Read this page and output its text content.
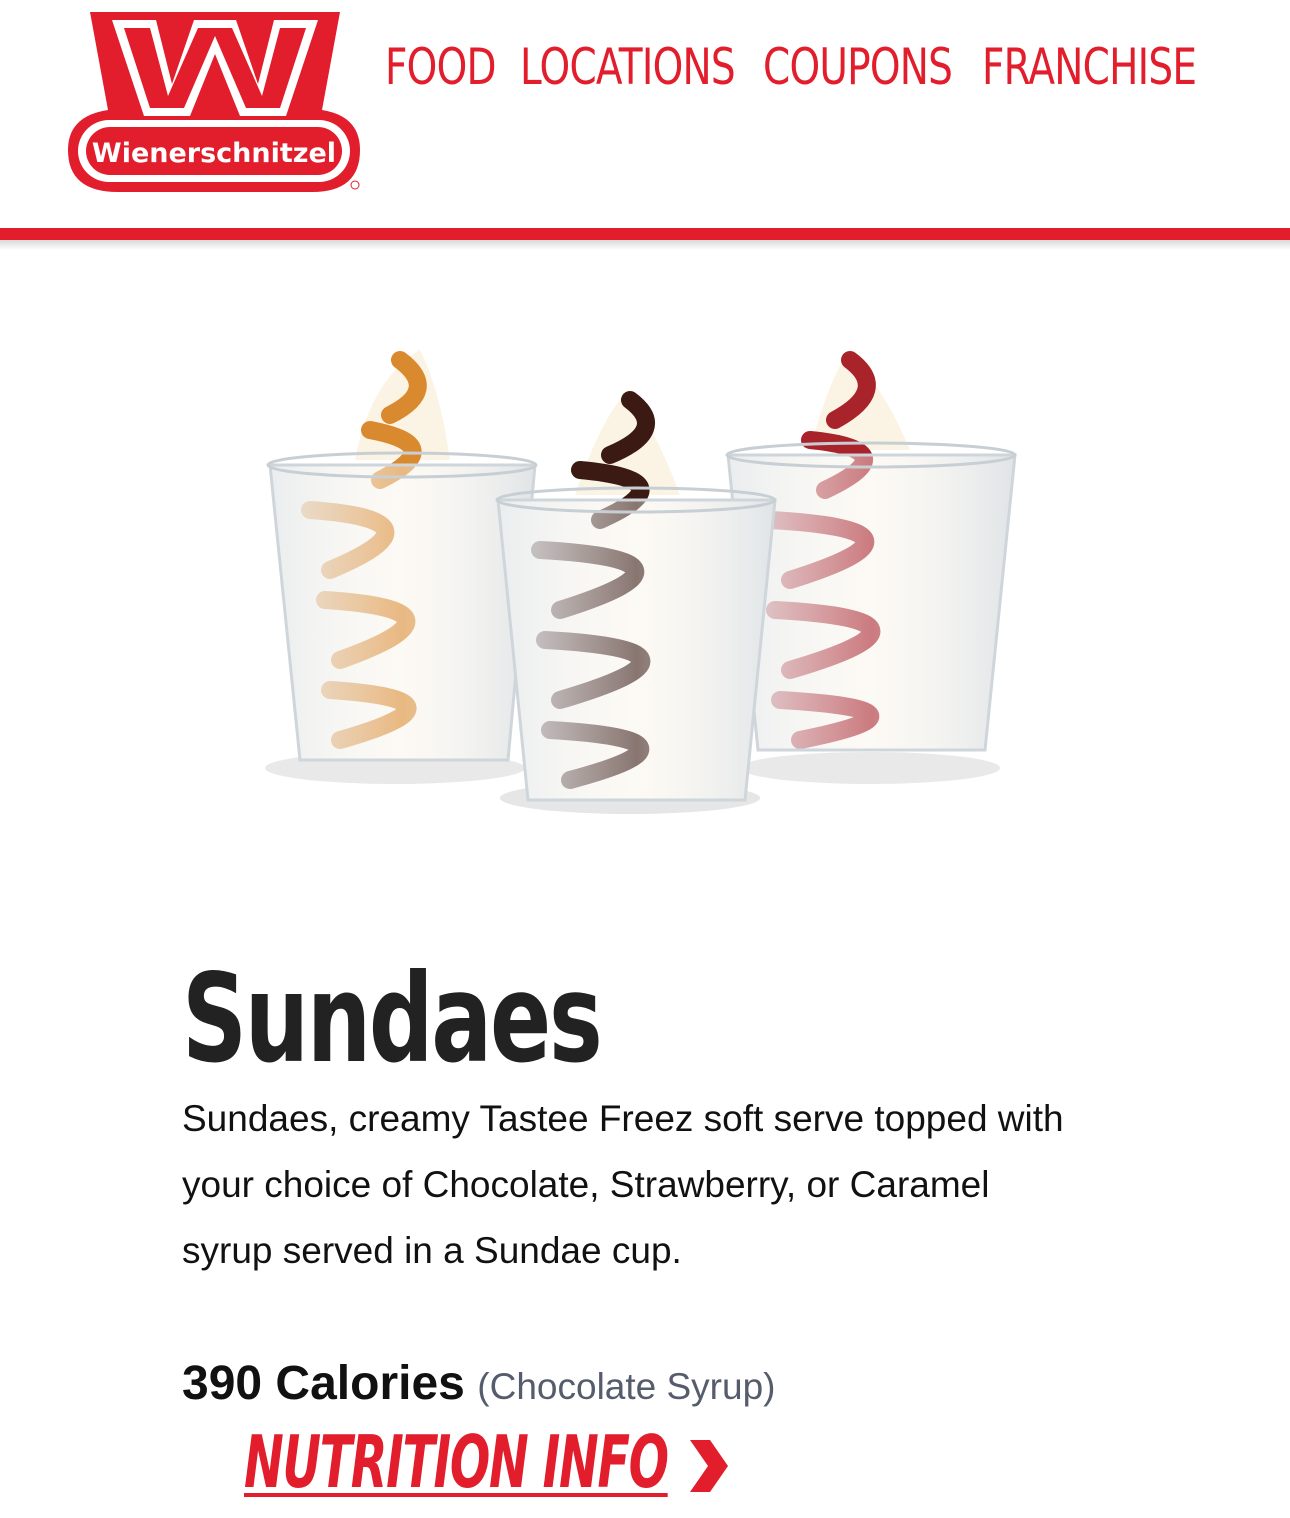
Wienerschnitzel
FOOD LOCATIONS COUPONS FRANCHISE
Sundaes

Sundaes, creamy Tastee Freez soft serve topped with your choice of Chocolate, Strawberry, or Caramel syrup served in a Sundae cup.

390 Calories (Chocolate Syrup)
NUTRITION INFO
